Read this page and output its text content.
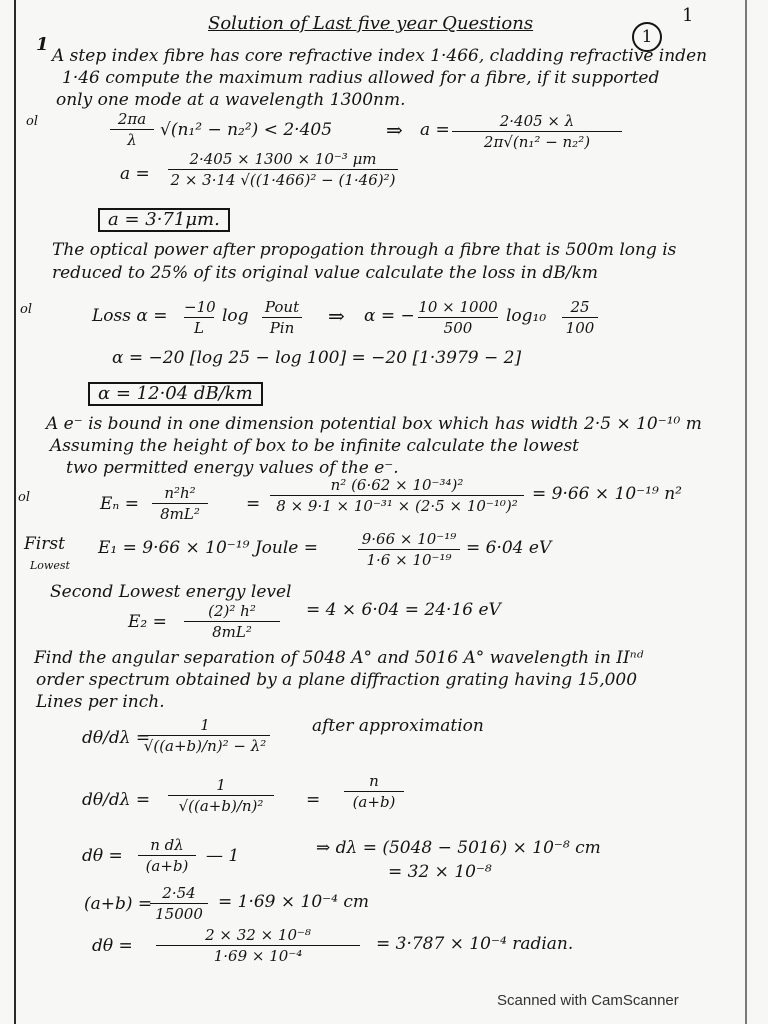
Solution of Last five year Questions
1
1
1
A step index fibre has core refractive index 1·466, cladding refractive inden
1·46 compute the maximum radius allowed for a fibre, if it supported
only one mode at a wavelength 1300nm.
ol	2πa
λ	√(n₁² − n₂²) < 2·405	⇒ a =	2·405 × λ
2π√(n₁² − n₂²)
a =
2·405 × 1300 × 10⁻³ μm
2 × 3·14 √((1·466)² − (1·46)²)
a = 3·71μm.
The optical power after propogation through a fibre that is 500m long is
reduced to 25% of its original value calculate the loss in dB/km
ol	Loss α = −10
L
log Pout
Pin	⇒ α = − 10 × 1000
500
log₁₀	25
100
α = −20 [log 25 − log 100] = −20 [1·3979 − 2]
α = 12·04 dB/km
A e⁻ is bound in one dimension potential box which has width 2·5 × 10⁻¹⁰ m
Assuming the height of box to be infinite calculate the lowest
two permitted energy values of the e⁻.
ol	Eₙ =
n²h²
8mL²	=
n² (6·62 × 10⁻³⁴)²
8 × 9·1 × 10⁻³¹ × (2·5 × 10⁻¹⁰)²
= 9·66 × 10⁻¹⁹ n²
First
Lowest
E₁ = 9·66 × 10⁻¹⁹ Joule =	9·66 × 10⁻¹⁹
1·6 × 10⁻¹⁹
= 6·04 eV
Second Lowest energy level
E₂ =
(2)² h²
8mL²
= 4 × 6·04 = 24·16 eV
Find the angular separation of 5048 A° and 5016 A° wavelength in IIⁿᵈ
order spectrum obtained by a plane diffraction grating having 15,000
Lines per inch.
dθ/dλ =
1
√((a+b)/n)² − λ²
after approximation
dθ/dλ =
1
√((a+b)/n)²	=
n
(a+b)
dθ =
n dλ
(a+b)	— 1	⇒ dλ = (5048 − 5016) × 10⁻⁸ cm
= 32 × 10⁻⁸
(a+b) =
2·54
15000
= 1·69 × 10⁻⁴ cm
dθ =
2 × 32 × 10⁻⁸
1·69 × 10⁻⁴
= 3·787 × 10⁻⁴ radian.
Scanned with CamScanner
